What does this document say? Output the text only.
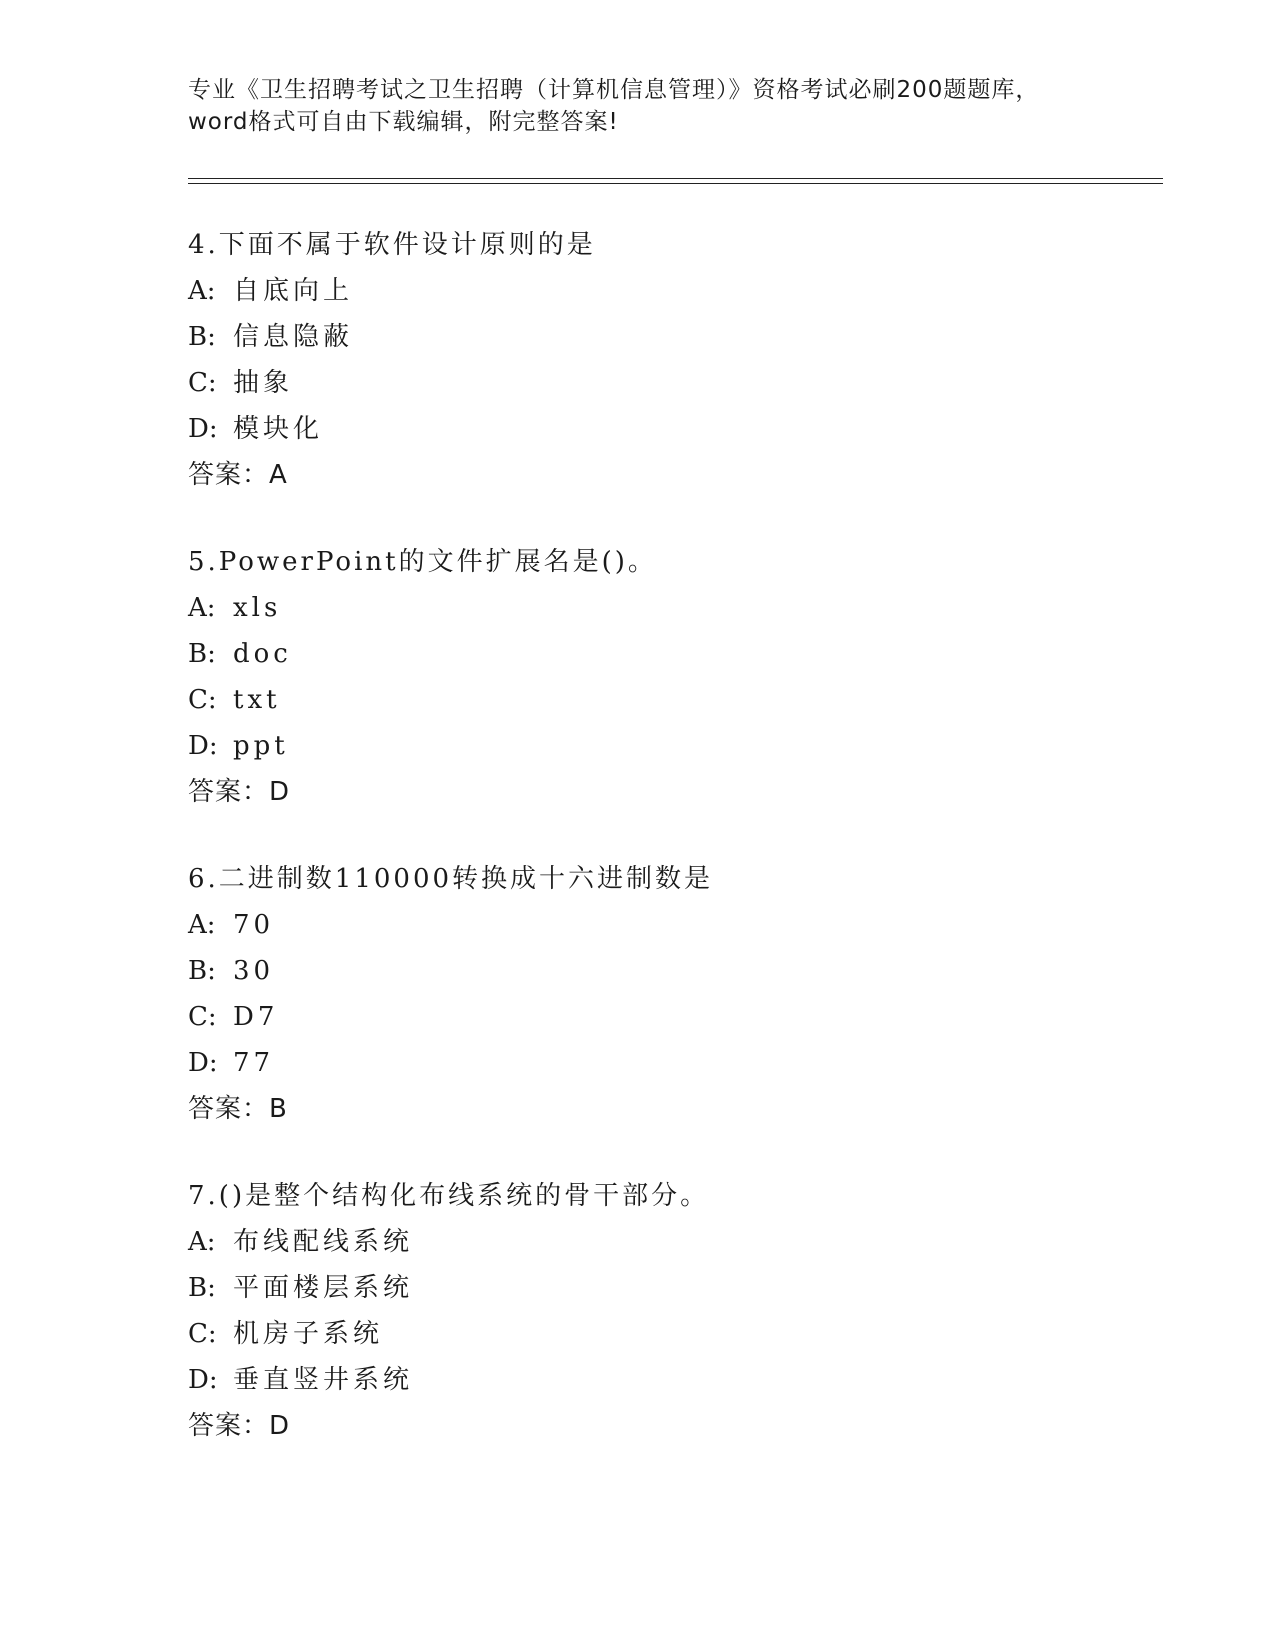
专业《卫生招聘考试之卫生招聘（计算机信息管理）》资格考试必刷200题题库，
word格式可自由下载编辑，附完整答案!
4.下面不属于软件设计原则的是
A: 自底向上
B: 信息隐蔽
C: 抽象
D: 模块化
答案：A
5.PowerPoint的文件扩展名是()。
A: xls
B: doc
C: txt
D: ppt
答案：D
6.二进制数110000转换成十六进制数是
A: 70
B: 30
C: D7
D: 77
答案：B
7.()是整个结构化布线系统的骨干部分。
A: 布线配线系统
B: 平面楼层系统
C: 机房子系统
D: 垂直竖井系统
答案：D
